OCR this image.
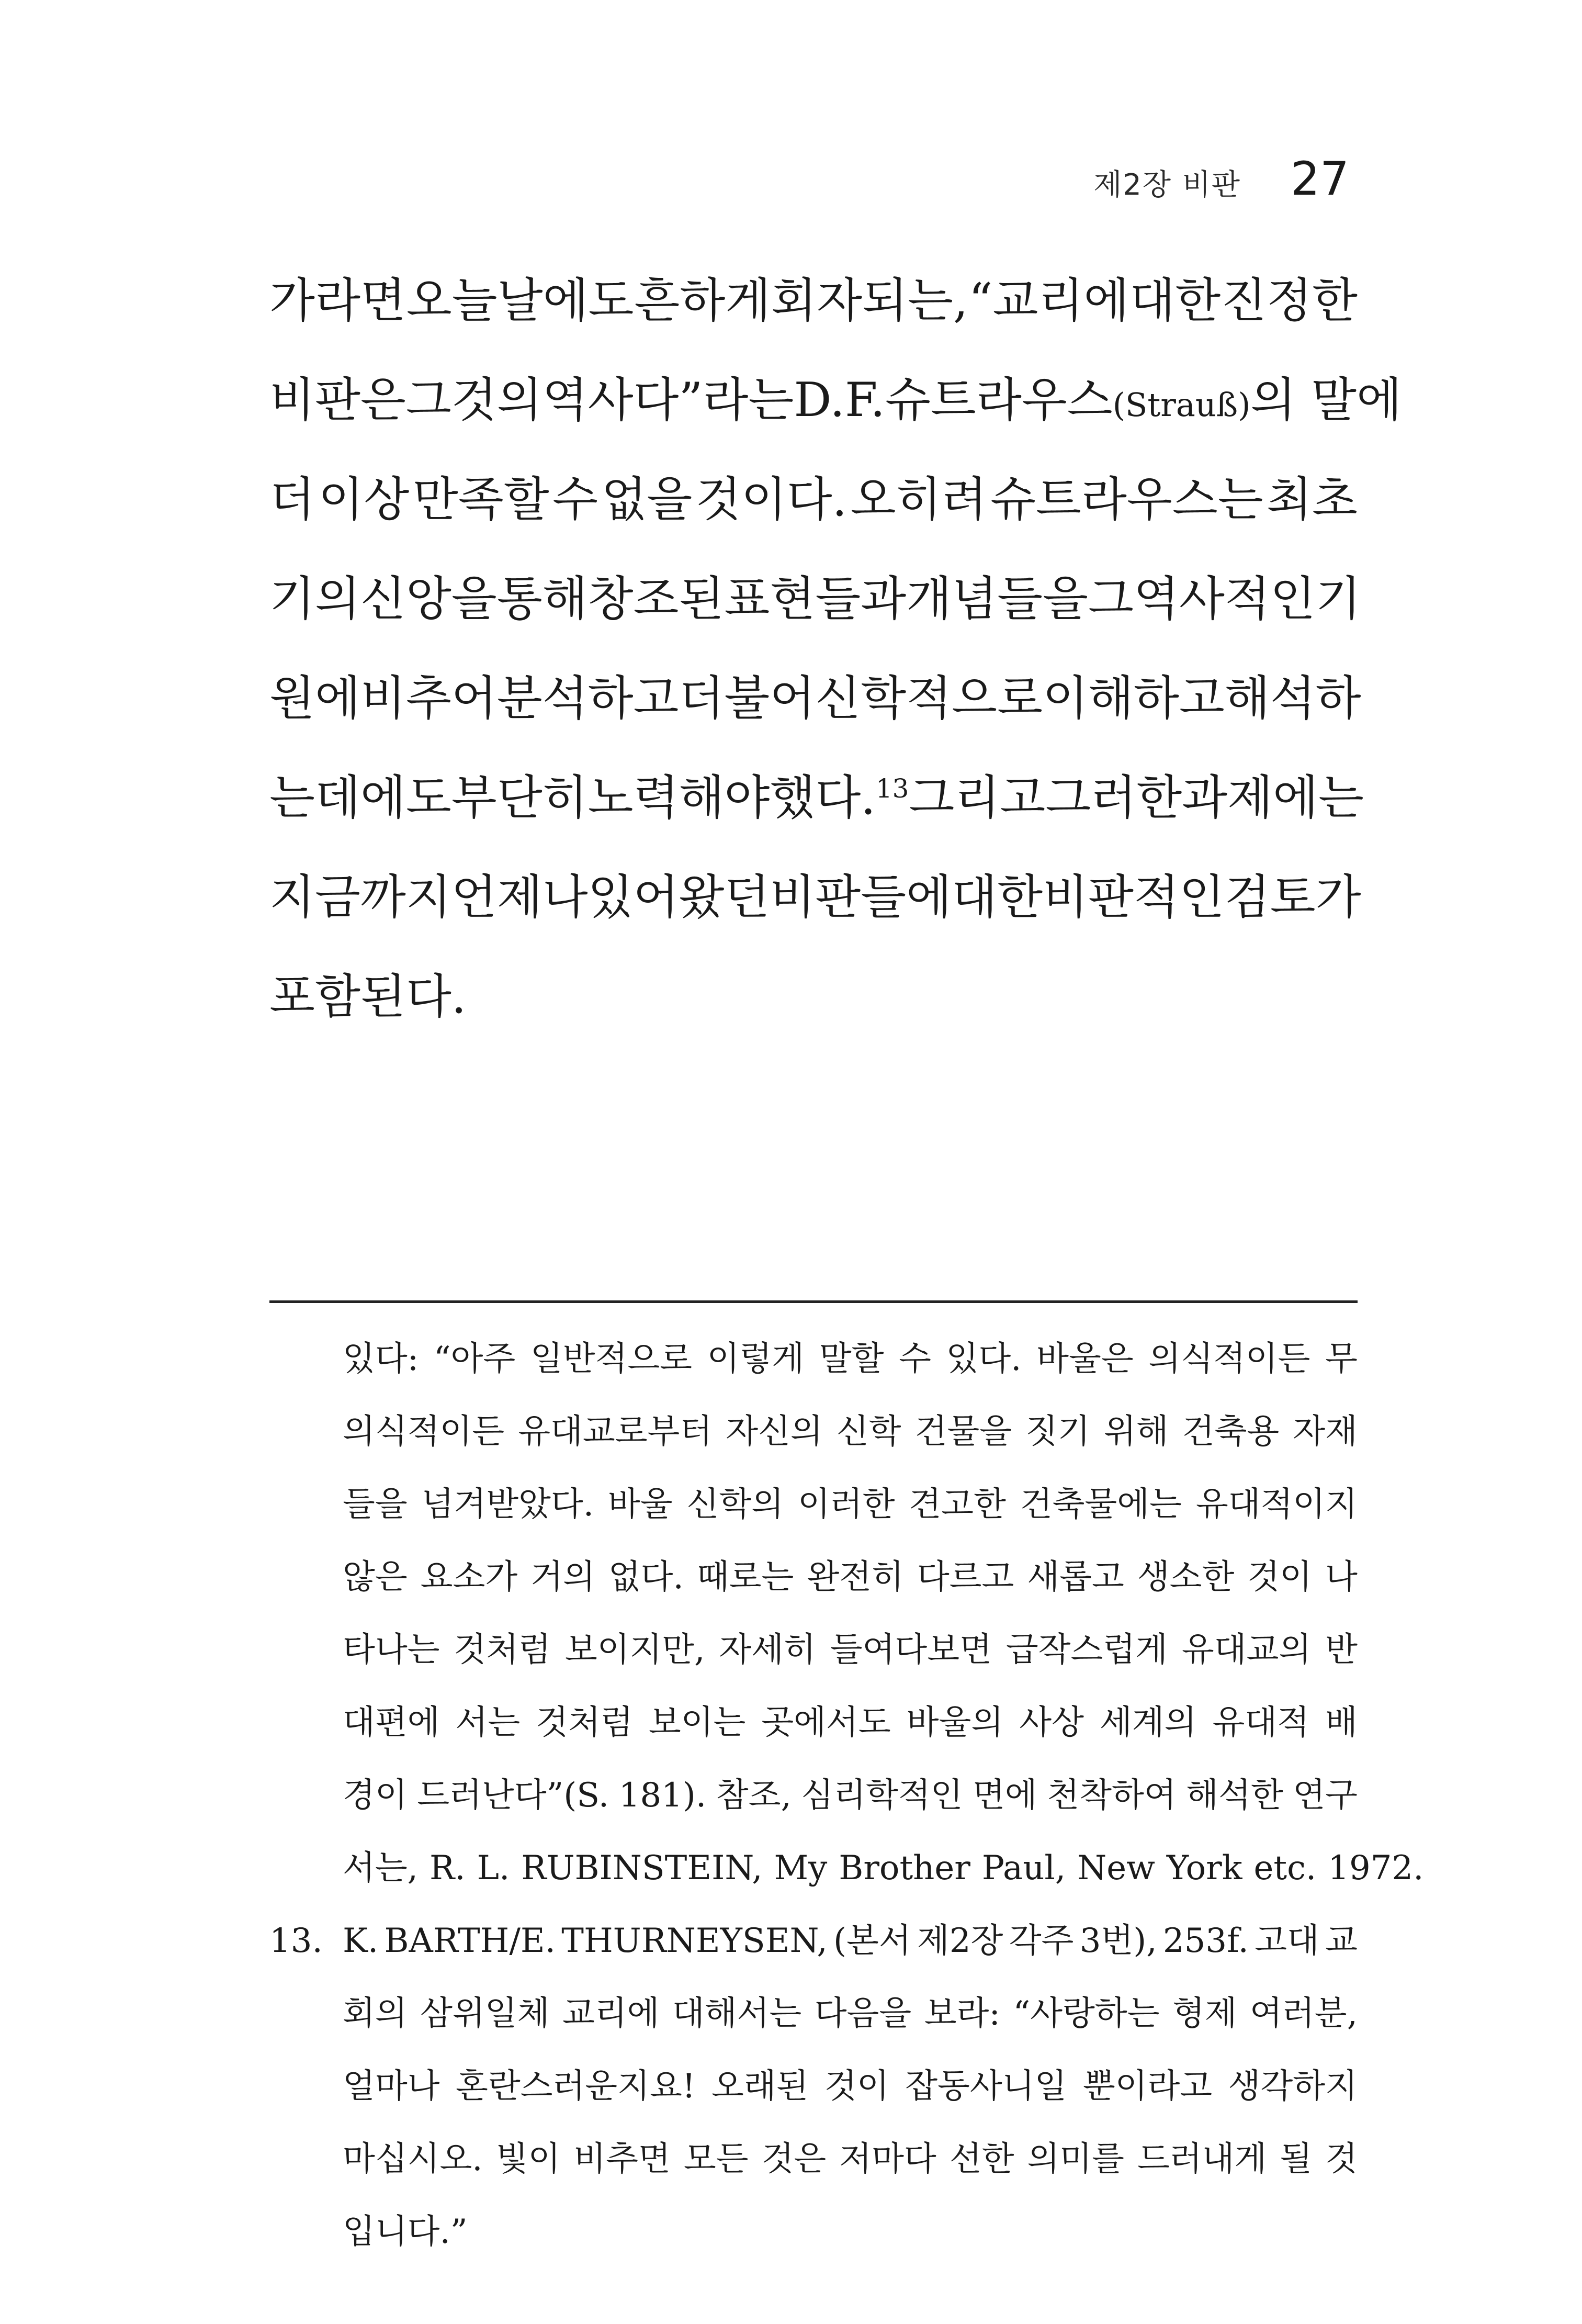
제2장 비판 27
가라면 오늘날에도 흔하게 회자되는, “교리에 대한 진정한
비판은 그것의 역사다”라는 D. F. 슈트라우스(Strauß)의 말에
더 이상 만족할 수 없을 것이다. 오히려 슈트라우스는 최초
기의 신앙을 통해 창조된 표현들과 개념들을 그 역사적인 기
원에 비추어 분석하고 더불어 신학적으로 이해하고 해석하
는 데에도 부단히 노력해야 했다.$^{13}$ 그리고 그러한 과제에는
지금까지 언제나 있어왔던 비판들에 대한 비판적인 검토가
포함된다.
있다: “아주 일반적으로 이렇게 말할 수 있다. 바울은 의식적이든 무
의식적이든 유대교로부터 자신의 신학 건물을 짓기 위해 건축용 자재
들을 넘겨받았다. 바울 신학의 이러한 견고한 건축물에는 유대적이지
않은 요소가 거의 없다. 때로는 완전히 다르고 새롭고 생소한 것이 나
타나는 것처럼 보이지만, 자세히 들여다보면 급작스럽게 유대교의 반
대편에 서는 것처럼 보이는 곳에서도 바울의 사상 세계의 유대적 배
경이 드러난다”(S. 181). 참조, 심리학적인 면에 천착하여 해석한 연구
서는, R. L. RUBINSTEIN, My Brother Paul, New York etc. 1972.
13. K. BARTH/E. THURNEYSEN, (본서 제2장 각주 3번), 253f. 고대 교
회의 삼위일체 교리에 대해서는 다음을 보라: “사랑하는 형제 여러분,
얼마나 혼란스러운지요! 오래된 것이 잡동사니일 뿐이라고 생각하지
마십시오. 빛이 비추면 모든 것은 저마다 선한 의미를 드러내게 될 것
입니다.”
